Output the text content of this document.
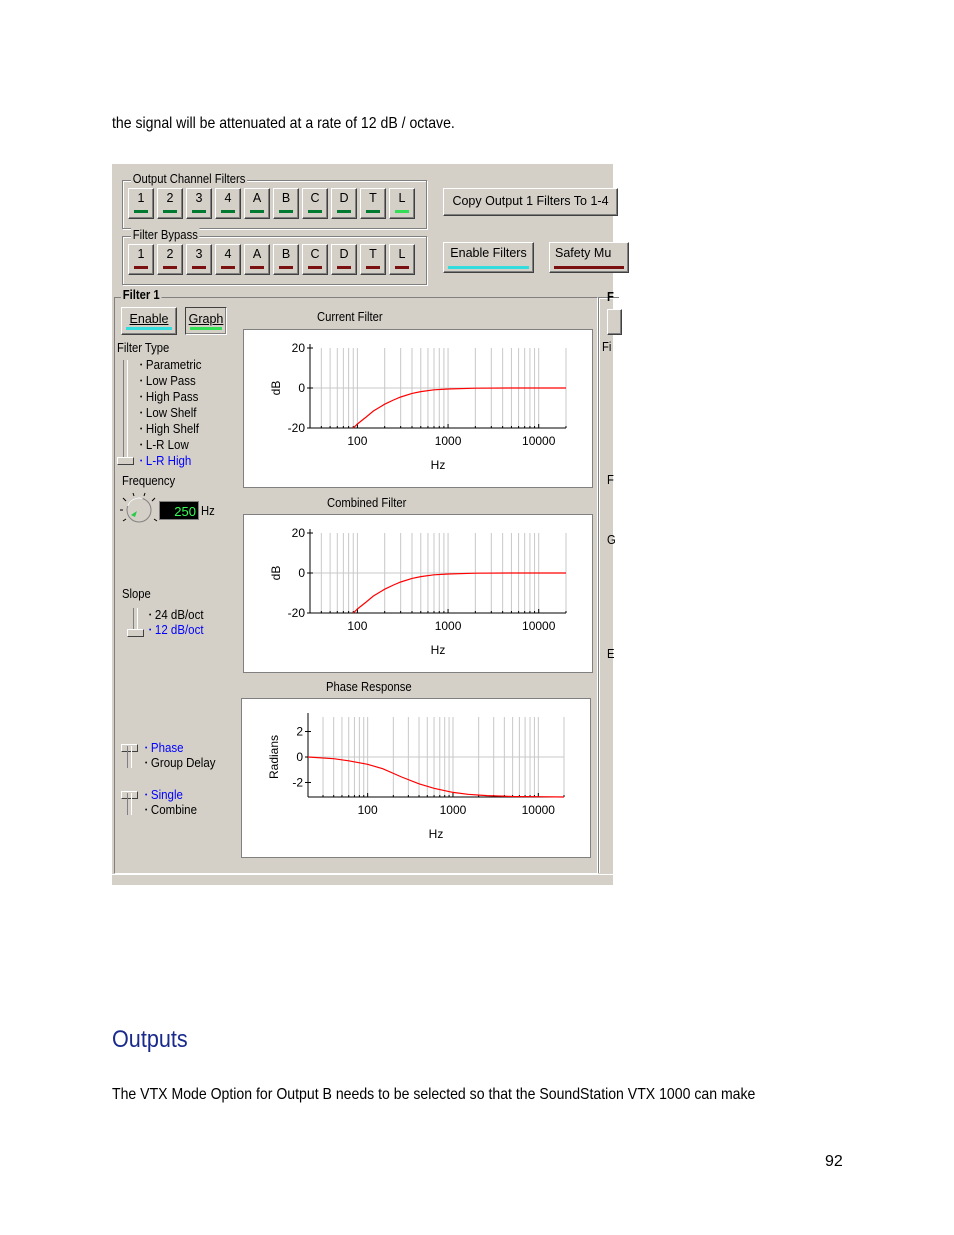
the signal will be attenuated at a rate of 12 dB / octave.
Output Channel Filters
Filter Bypass
Copy Output 1 Filters To 1-4
Enable Filters	Safety Mu
Filter 1
Enable	Graph
Filter Type
Frequency
250 Hz
Slope
Current Filter
20
0
-20
100	1000	10000
Hz
dB
Combined Filter
20
0
-20
100	1000	10000
Hz
dB
Phase Response
2
0
-2
100	1000	10000
Hz
Radians
1	2	3	4	A	B	C	D	T	L
1	2	3	4	A	B	C	D	T	L
• Parametric
• Low Pass
• High Pass
• Low Shelf
• High Shelf
• L-R Low
• L-R High
• 24 dB/oct
• 12 dB/oct
• Phase
• Group Delay
• Single
• Combine
F
Fi
F
G
E
Outputs
The VTX Mode Option for Output B needs to be selected so that the SoundStation VTX 1000 can make
92
